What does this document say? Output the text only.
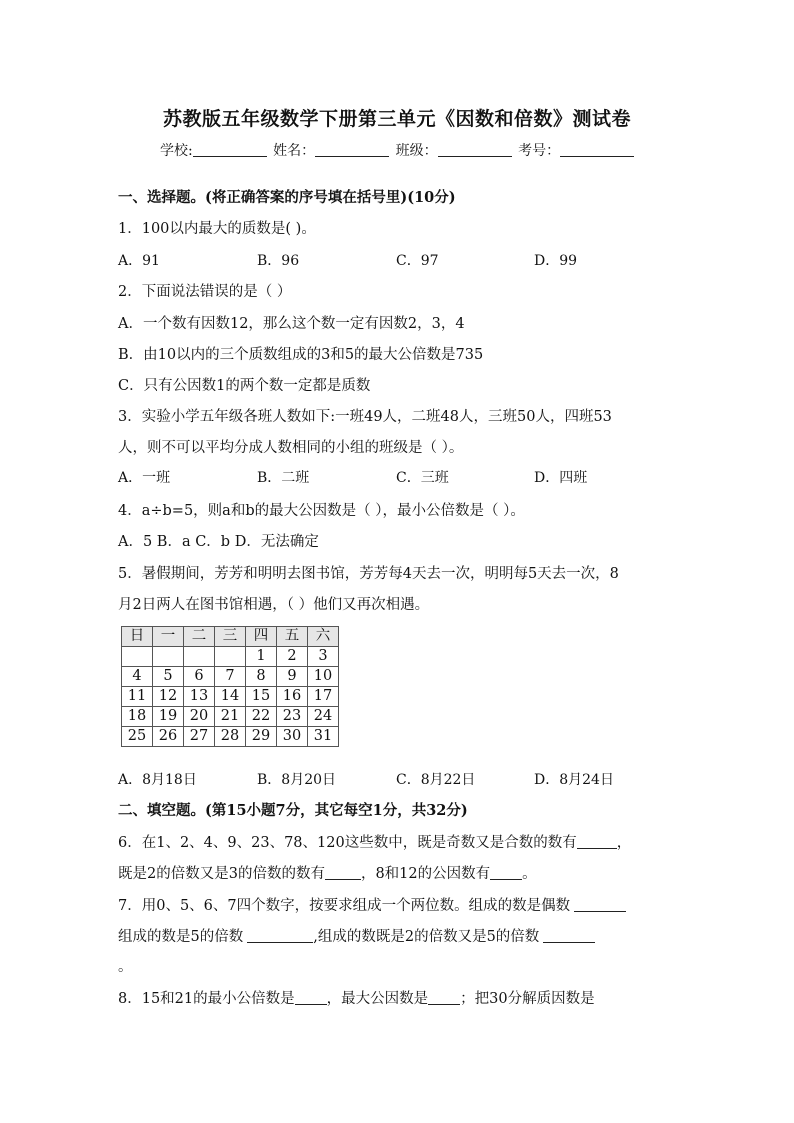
苏教版五年级数学下册第三单元《因数和倍数》测试卷
学校:	姓名：	班级：	考号：
一、选择题。(将正确答案的序号填在括号里)(10分)
1．100以内最大的质数是( )。
A．91	B．96	C．97	D．99
2．下面说法错误的是（ ）
A．一个数有因数12，那么这个数一定有因数2，3，4
B．由10以内的三个质数组成的3和5的最大公倍数是735
C．只有公因数1的两个数一定都是质数
3．实验小学五年级各班人数如下:一班49人，二班48人，三班50人，四班53
人，则不可以平均分成人数相同的小组的班级是（ ）。
A．一班	B．二班	C．三班	D．四班
4．a÷b=5，则a和b的最大公因数是（ ），最小公倍数是（ ）。
A．5 B．a C．b D．无法确定
5．暑假期间，芳芳和明明去图书馆，芳芳每4天去一次，明明每5天去一次，8
月2日两人在图书馆相遇，（ ）他们又再次相遇。
日	一	二	三	四	五	六
				1	2	3
4	5	6	7	8	9	10
11	12	13	14	15	16	17
18	19	20	21	22	23	24
25	26	27	28	29	30	31
A．8月18日	B．8月20日	C．8月22日	D．8月24日
二、填空题。(第15小题7分，其它每空1分，共32分)
6．在1、2、4、9、23、78、120这些数中，既是奇数又是合数的数有	，
既是2的倍数又是3的倍数的数有 ，8和12的公因数有 。
7．用0、5、6、7四个数字，按要求组成一个两位数。组成的数是偶数
组成的数是5的倍数	,组成的数既是2的倍数又是5的倍数
。
8．15和21的最小公倍数是 ，最大公因数是 ；把30分解质因数是
